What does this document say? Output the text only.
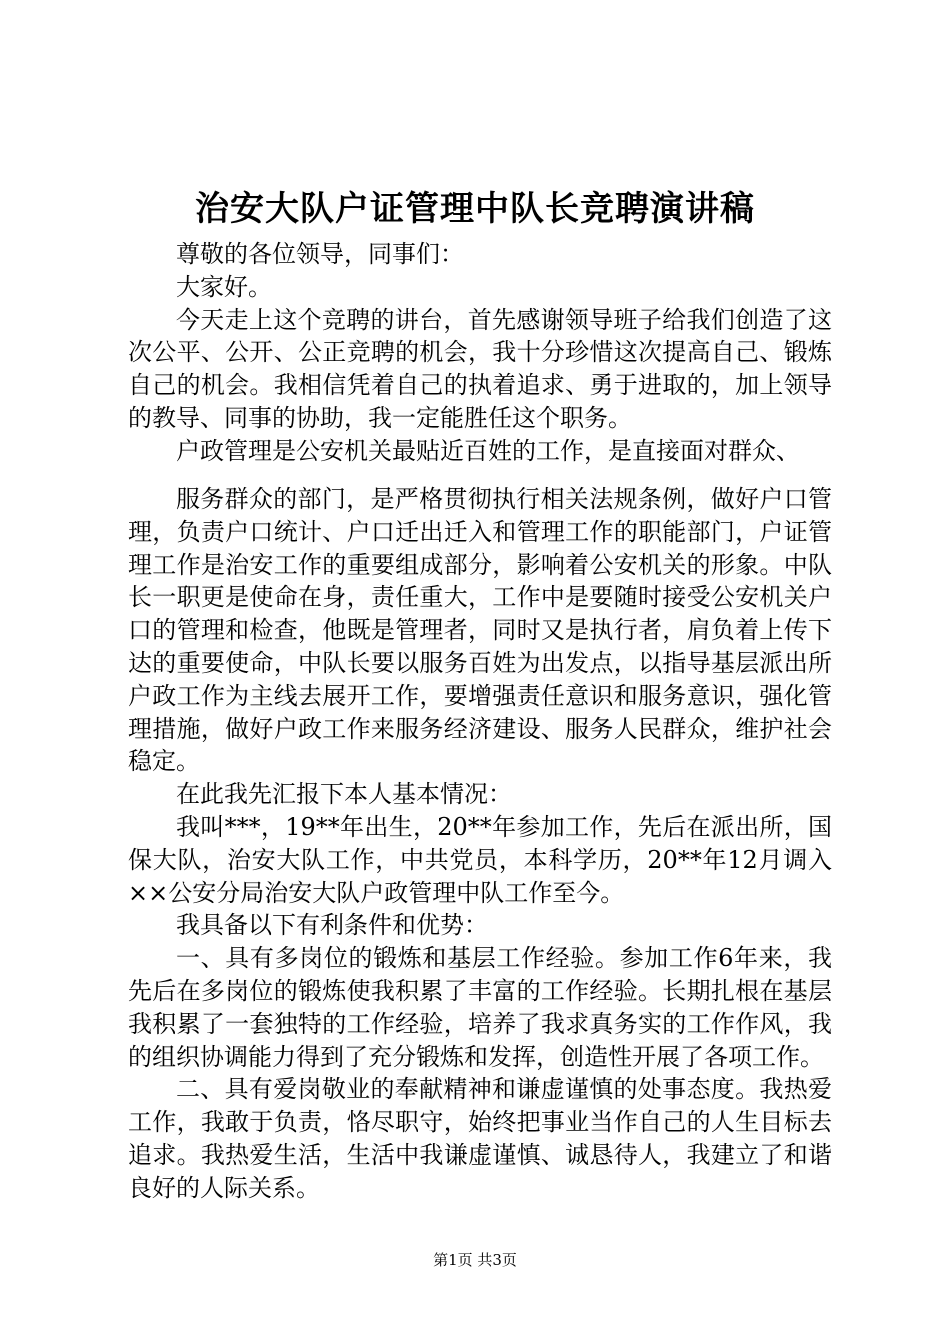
治安大队户证管理中队长竞聘演讲稿

尊敬的各位领导，同事们：

大家好。

今天走上这个竞聘的讲台，首先感谢领导班子给我们创造了这次公平、公开、公正竞聘的机会，我十分珍惜这次提高自己、锻炼自己的机会。我相信凭着自己的执着追求、勇于进取的，加上领导的教导、同事的协助，我一定能胜任这个职务。

户政管理是公安机关最贴近百姓的工作，是直接面对群众、

服务群众的部门，是严格贯彻执行相关法规条例，做好户口管理，负责户口统计、户口迁出迁入和管理工作的职能部门，户证管理工作是治安工作的重要组成部分，影响着公安机关的形象。中队长一职更是使命在身，责任重大，工作中是要随时接受公安机关户口的管理和检查，他既是管理者，同时又是执行者，肩负着上传下达的重要使命，中队长要以服务百姓为出发点，以指导基层派出所户政工作为主线去展开工作，要增强责任意识和服务意识，强化管理措施，做好户政工作来服务经济建设、服务人民群众，维护社会稳定。

在此我先汇报下本人基本情况：

我叫***，19**年出生，20**年参加工作，先后在派出所，国保大队，治安大队工作，中共党员，本科学历，20**年12月调入××公安分局治安大队户政管理中队工作至今。

我具备以下有利条件和优势：

一、具有多岗位的锻炼和基层工作经验。参加工作6年来，我先后在多岗位的锻炼使我积累了丰富的工作经验。长期扎根在基层我积累了一套独特的工作经验，培养了我求真务实的工作作风，我的组织协调能力得到了充分锻炼和发挥，创造性开展了各项工作。

二、具有爱岗敬业的奉献精神和谦虚谨慎的处事态度。我热爱工作，我敢于负责，恪尽职守，始终把事业当作自己的人生目标去追求。我热爱生活，生活中我谦虚谨慎、诚恳待人，我建立了和谐良好的人际关系。

第1页 共3页
